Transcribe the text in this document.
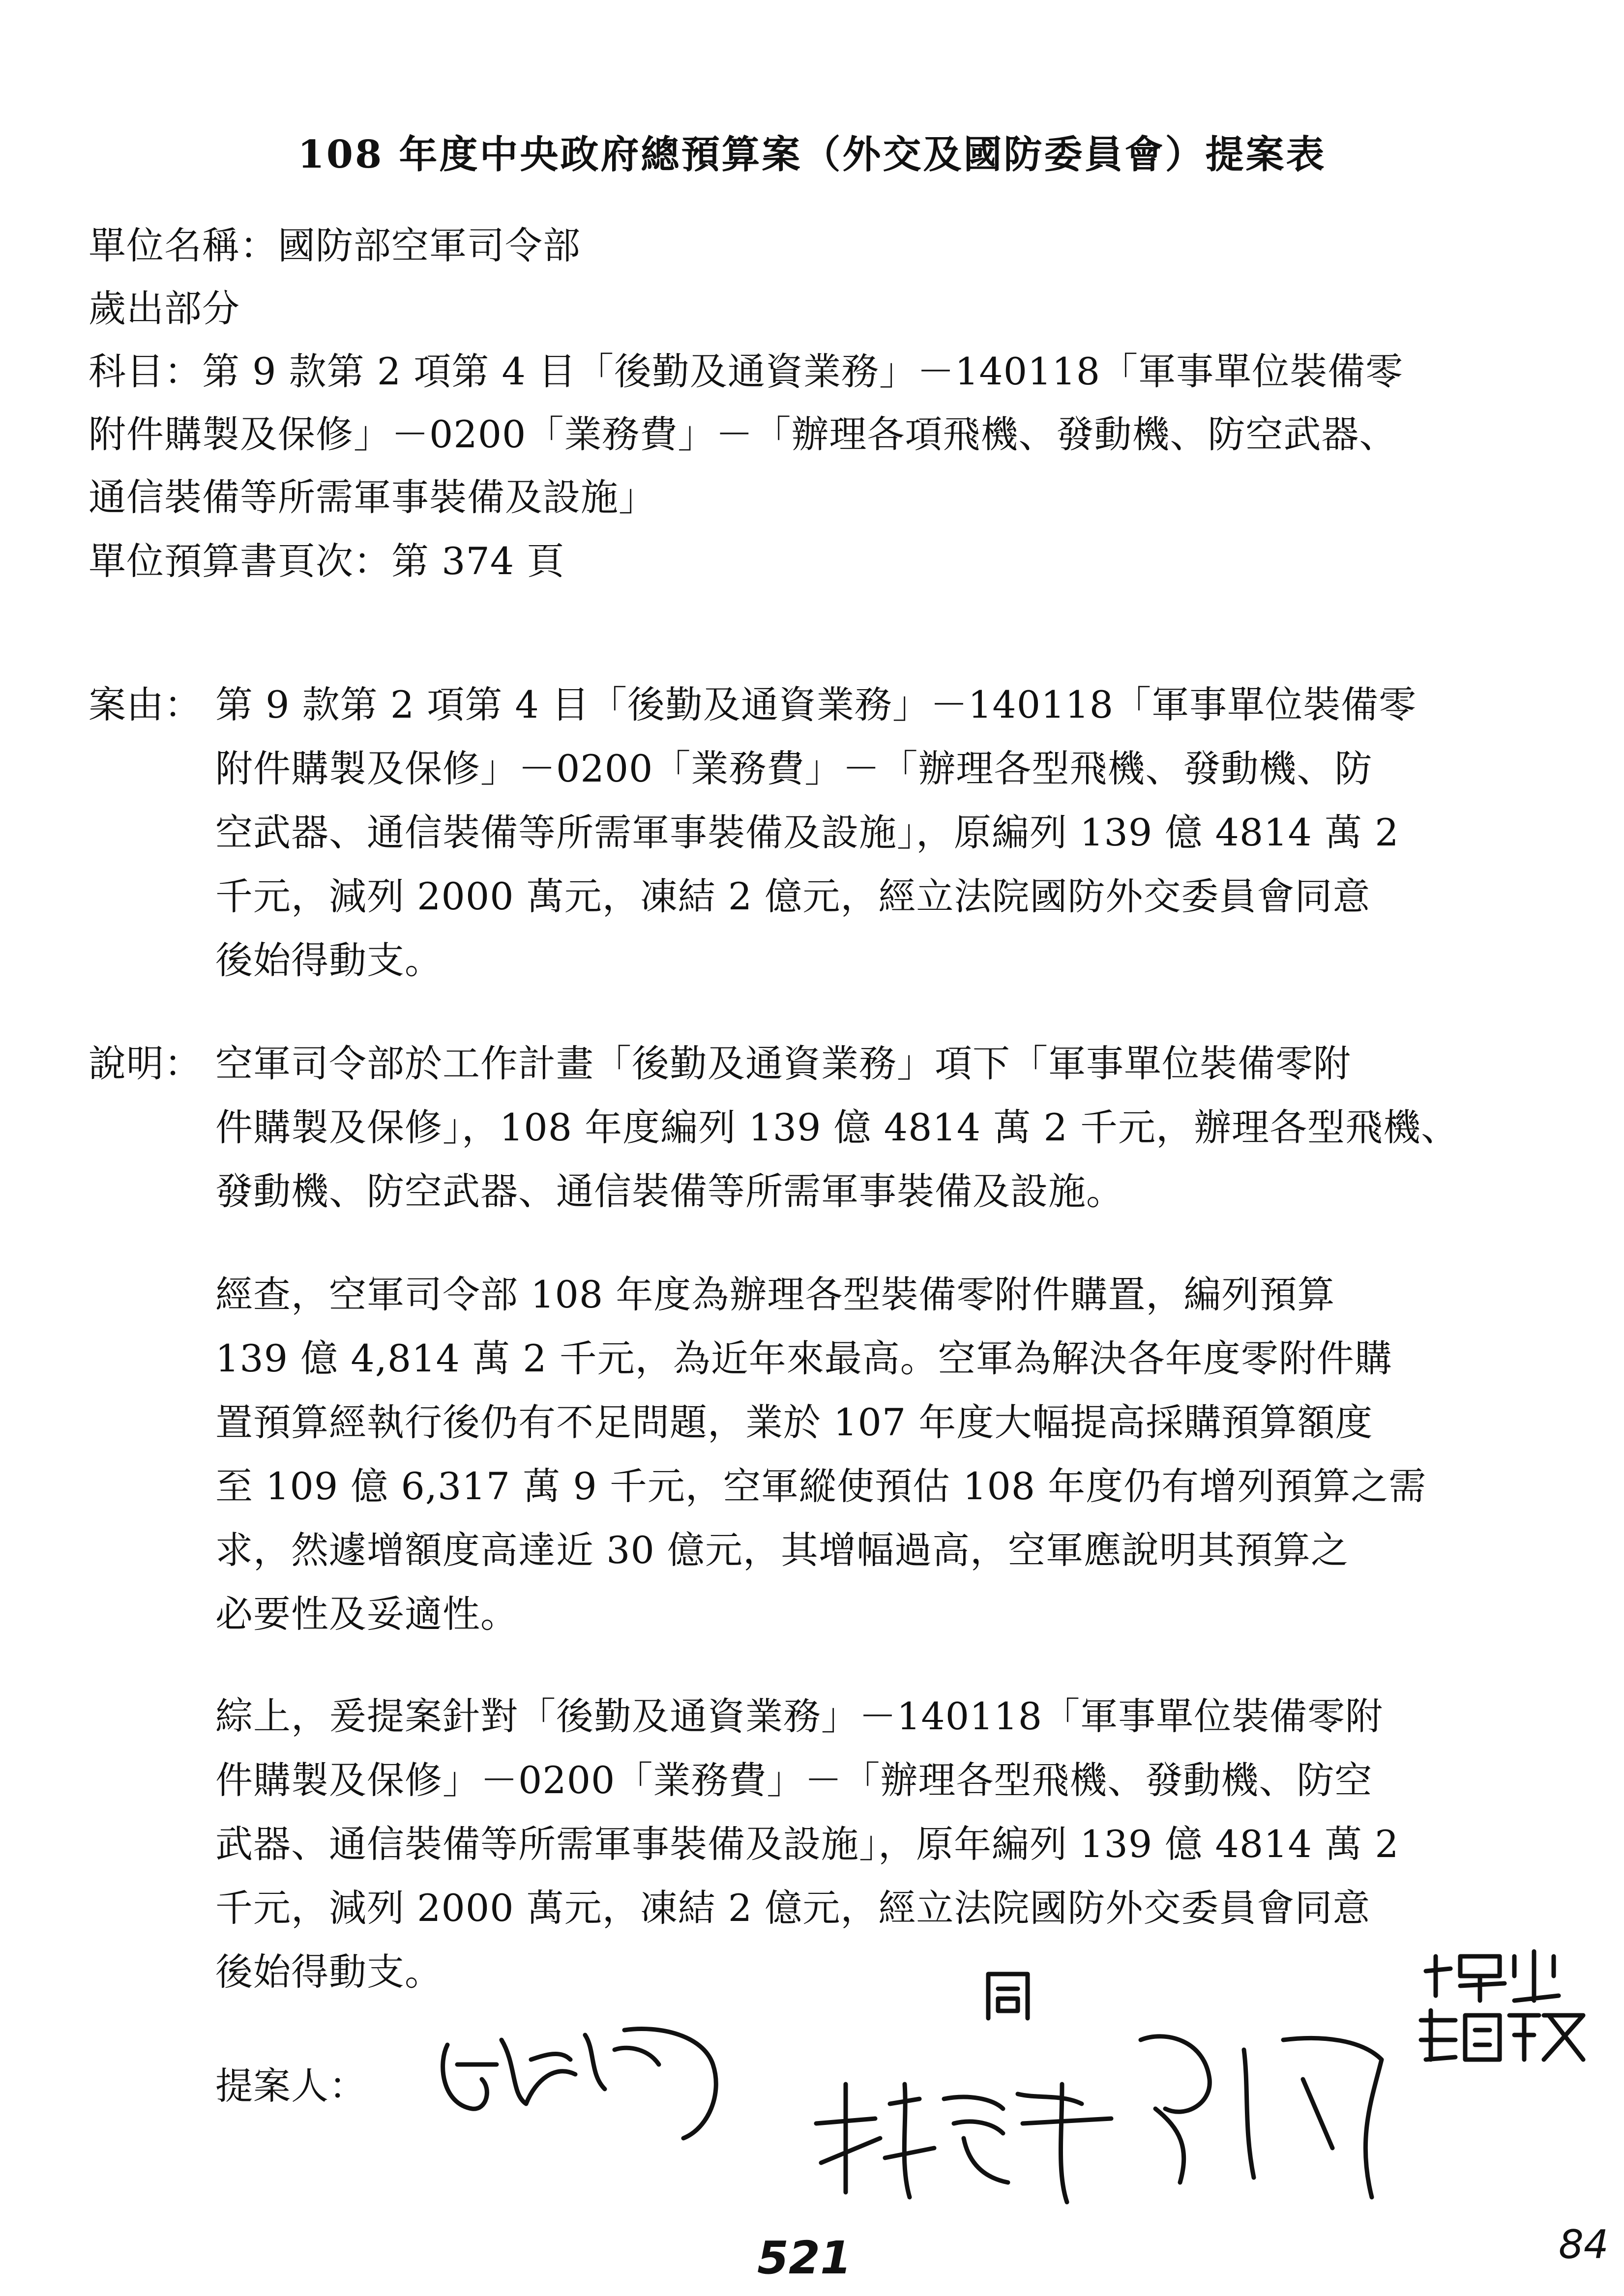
108 年度中央政府總預算案（外交及國防委員會）提案表

單位名稱：國防部空軍司令部

歲出部分

科目：第 9 款第 2 項第 4 目「後勤及通資業務」－140118「軍事單位裝備零

附件購製及保修」－0200「業務費」－「辦理各項飛機、發動機、防空武器、

通信裝備等所需軍事裝備及設施」

單位預算書頁次：第 374 頁

案由： 第 9 款第 2 項第 4 目「後勤及通資業務」－140118「軍事單位裝備零

附件購製及保修」－0200「業務費」－「辦理各型飛機、發動機、防

空武器、通信裝備等所需軍事裝備及設施」，原編列 139 億 4814 萬 2

千元，減列 2000 萬元，凍結 2 億元，經立法院國防外交委員會同意

後始得動支。

說明： 空軍司令部於工作計畫「後勤及通資業務」項下「軍事單位裝備零附

件購製及保修」，108 年度編列 139 億 4814 萬 2 千元，辦理各型飛機、

發動機、防空武器、通信裝備等所需軍事裝備及設施。

經查，空軍司令部 108 年度為辦理各型裝備零附件購置，編列預算

139 億 4,814 萬 2 千元，為近年來最高。空軍為解決各年度零附件購

置預算經執行後仍有不足問題，業於 107 年度大幅提高採購預算額度

至 109 億 6,317 萬 9 千元，空軍縱使預估 108 年度仍有增列預算之需

求，然遽增額度高達近 30 億元，其增幅過高，空軍應說明其預算之

必要性及妥適性。

綜上，爰提案針對「後勤及通資業務」－140118「軍事單位裝備零附

件購製及保修」－0200「業務費」－「辦理各型飛機、發動機、防空

武器、通信裝備等所需軍事裝備及設施」，原年編列 139 億 4814 萬 2

千元，減列 2000 萬元，凍結 2 億元，經立法院國防外交委員會同意

後始得動支。

提案人：
521	84
